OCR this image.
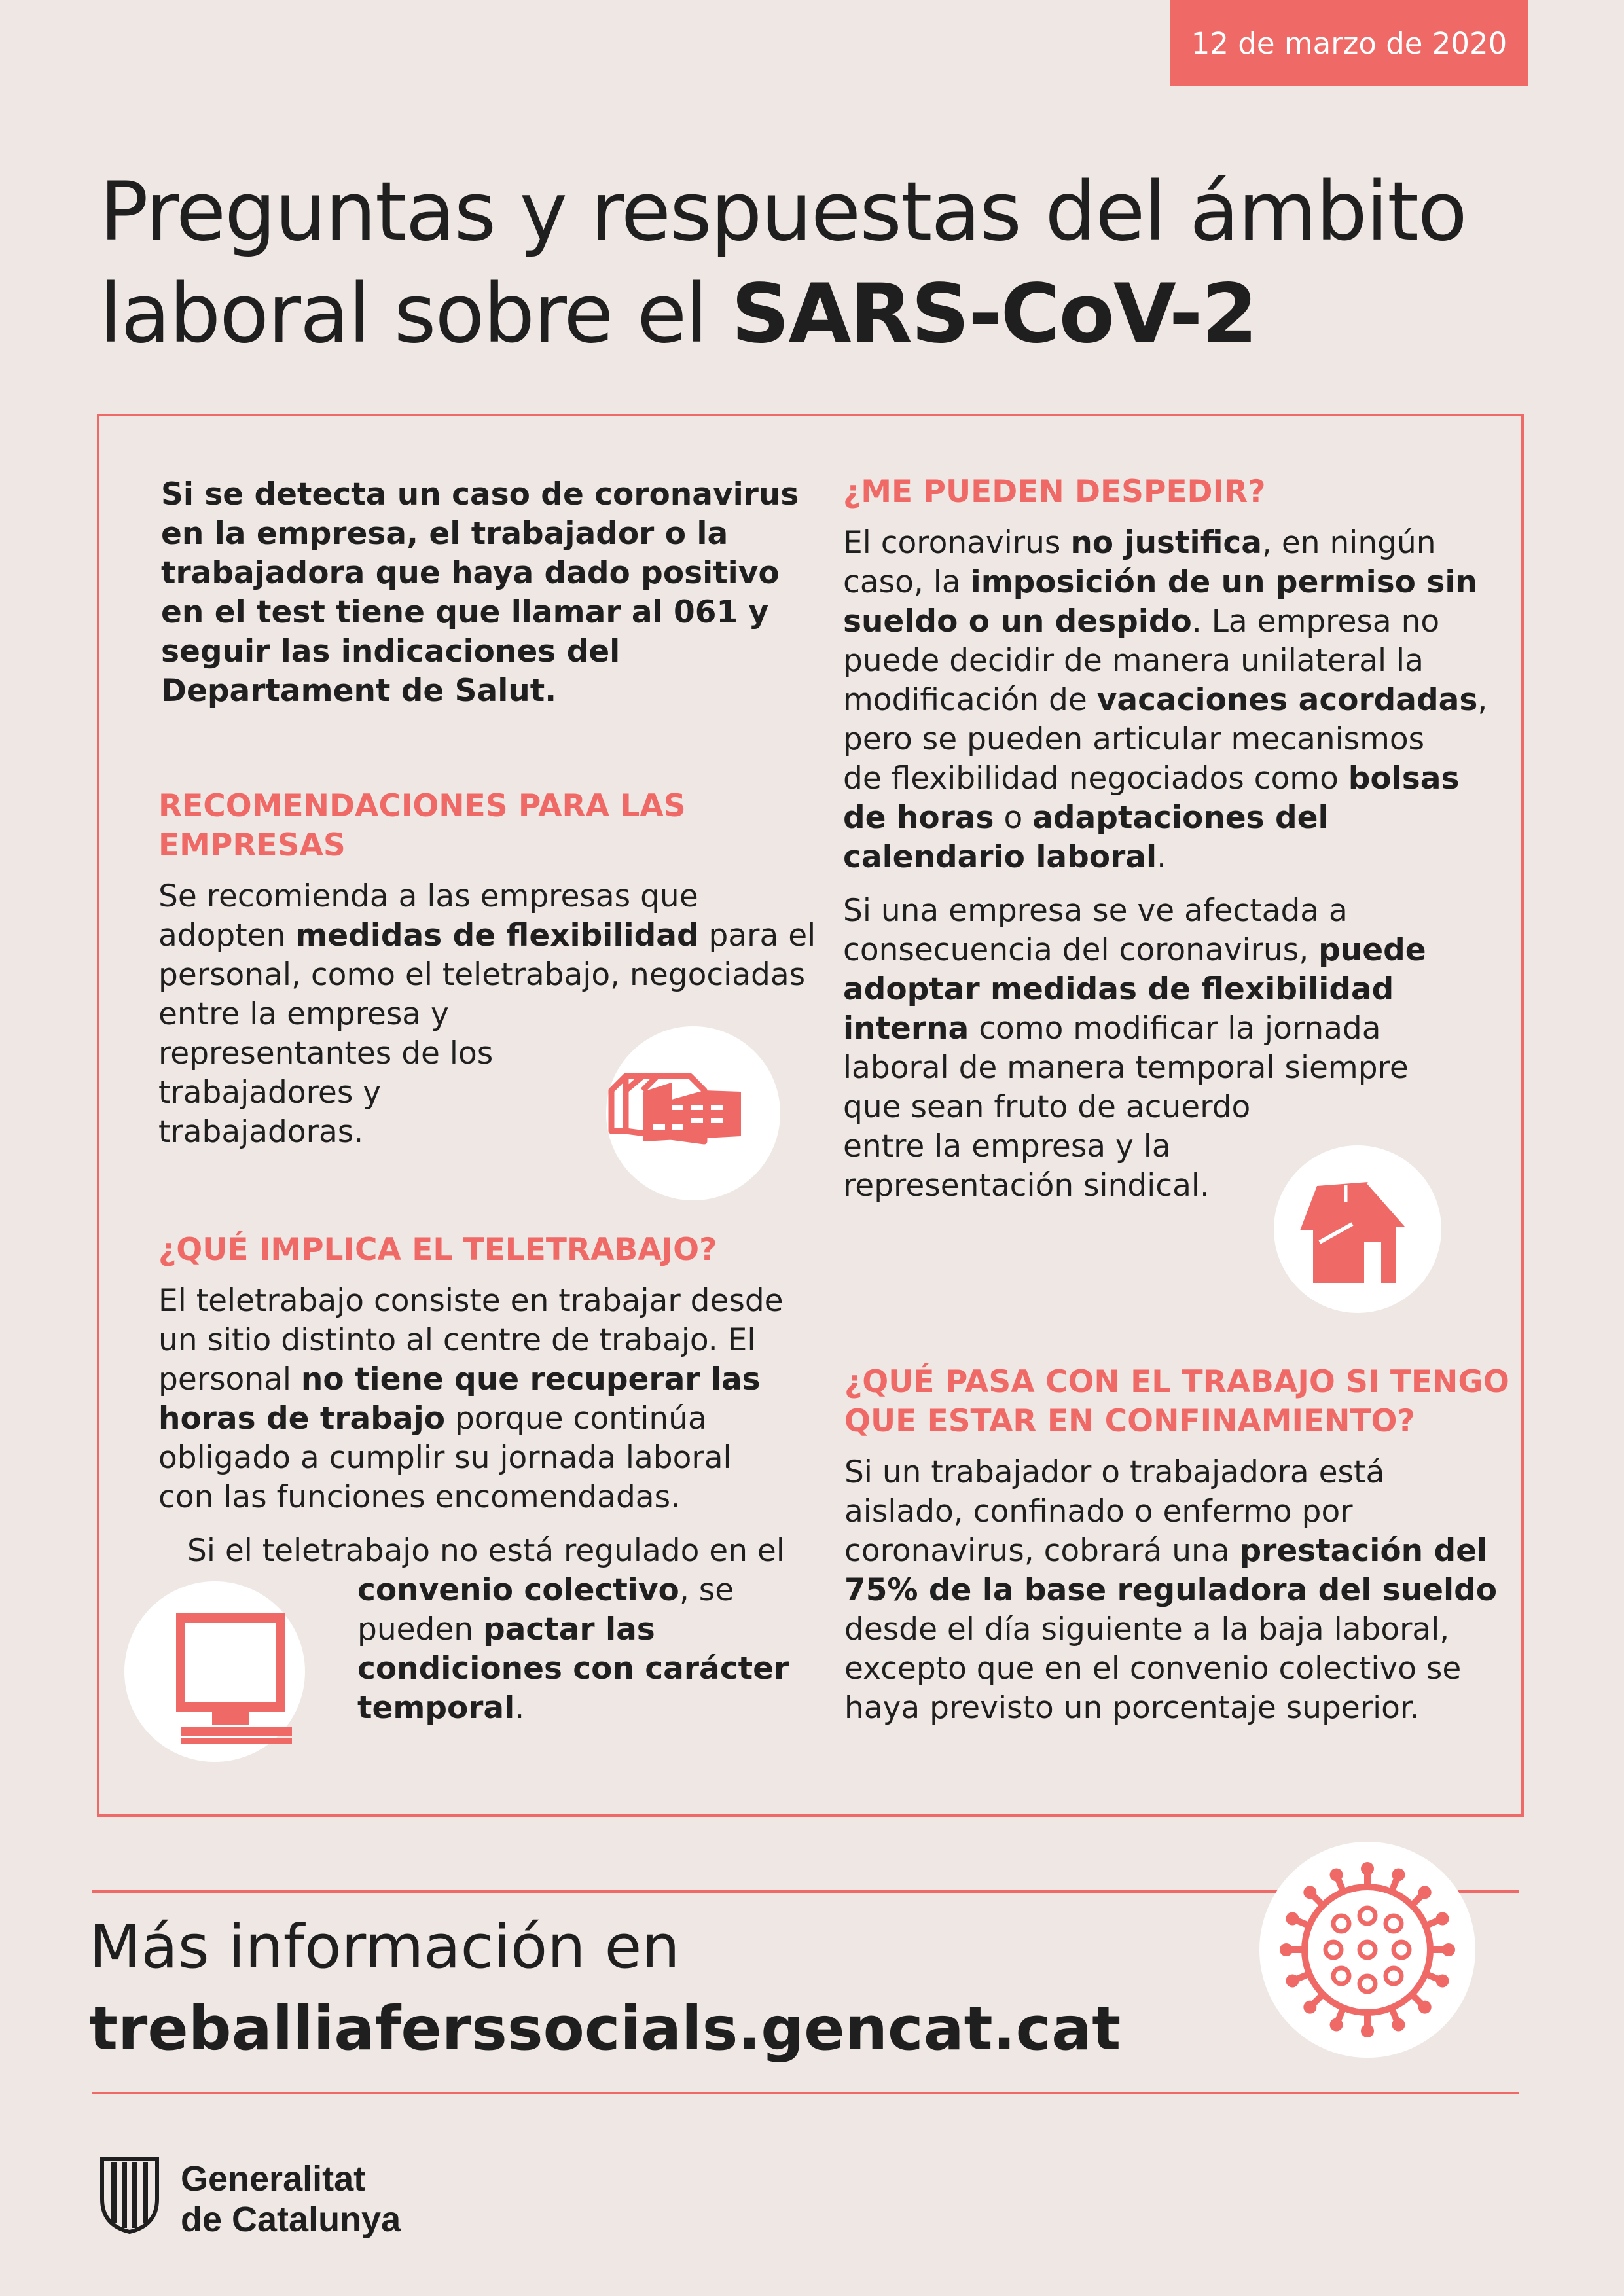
12 de marzo de 2020
Preguntas y respuestas del ámbito
laboral sobre el SARS-CoV-2

Si se detecta un caso de coronavirus

en la empresa, el trabajador o la

trabajadora que haya dado positivo

en el test tiene que llamar al 061 y

seguir las indicaciones del

Departament de Salut.

RECOMENDACIONES PARA LAS

EMPRESAS

Se recomienda a las empresas que

adopten medidas de flexibilidad para el

personal, como el teletrabajo, negociadas

entre la empresa y

representantes de los

trabajadores y

trabajadoras.

¿QUÉ IMPLICA EL TELETRABAJO?

El teletrabajo consiste en trabajar desde

un sitio distinto al centre de trabajo. El

personal no tiene que recuperar las

horas de trabajo porque continúa

obligado a cumplir su jornada laboral

con las funciones encomendadas.

Si el teletrabajo no está regulado en el

convenio colectivo, se

pueden pactar las

condiciones con carácter

temporal.

¿ME PUEDEN DESPEDIR?

El coronavirus no justifica, en ningún

caso, la imposición de un permiso sin

sueldo o un despido. La empresa no

puede decidir de manera unilateral la

modificación de vacaciones acordadas,

pero se pueden articular mecanismos

de flexibilidad negociados como bolsas

de horas o adaptaciones del

calendario laboral.

Si una empresa se ve afectada a

consecuencia del coronavirus, puede

adoptar medidas de flexibilidad

interna como modificar la jornada

laboral de manera temporal siempre

que sean fruto de acuerdo

entre la empresa y la

representación sindical.

¿QUÉ PASA CON EL TRABAJO SI TENGO

QUE ESTAR EN CONFINAMIENTO?

Si un trabajador o trabajadora está

aislado, confinado o enfermo por

coronavirus, cobrará una prestación del

75% de la base reguladora del sueldo

desde el día siguiente a la baja laboral,

excepto que en el convenio colectivo se

haya previsto un porcentaje superior.

Más información en
treballiaferssocials.gencat.cat
Generalitat
de Catalunya
